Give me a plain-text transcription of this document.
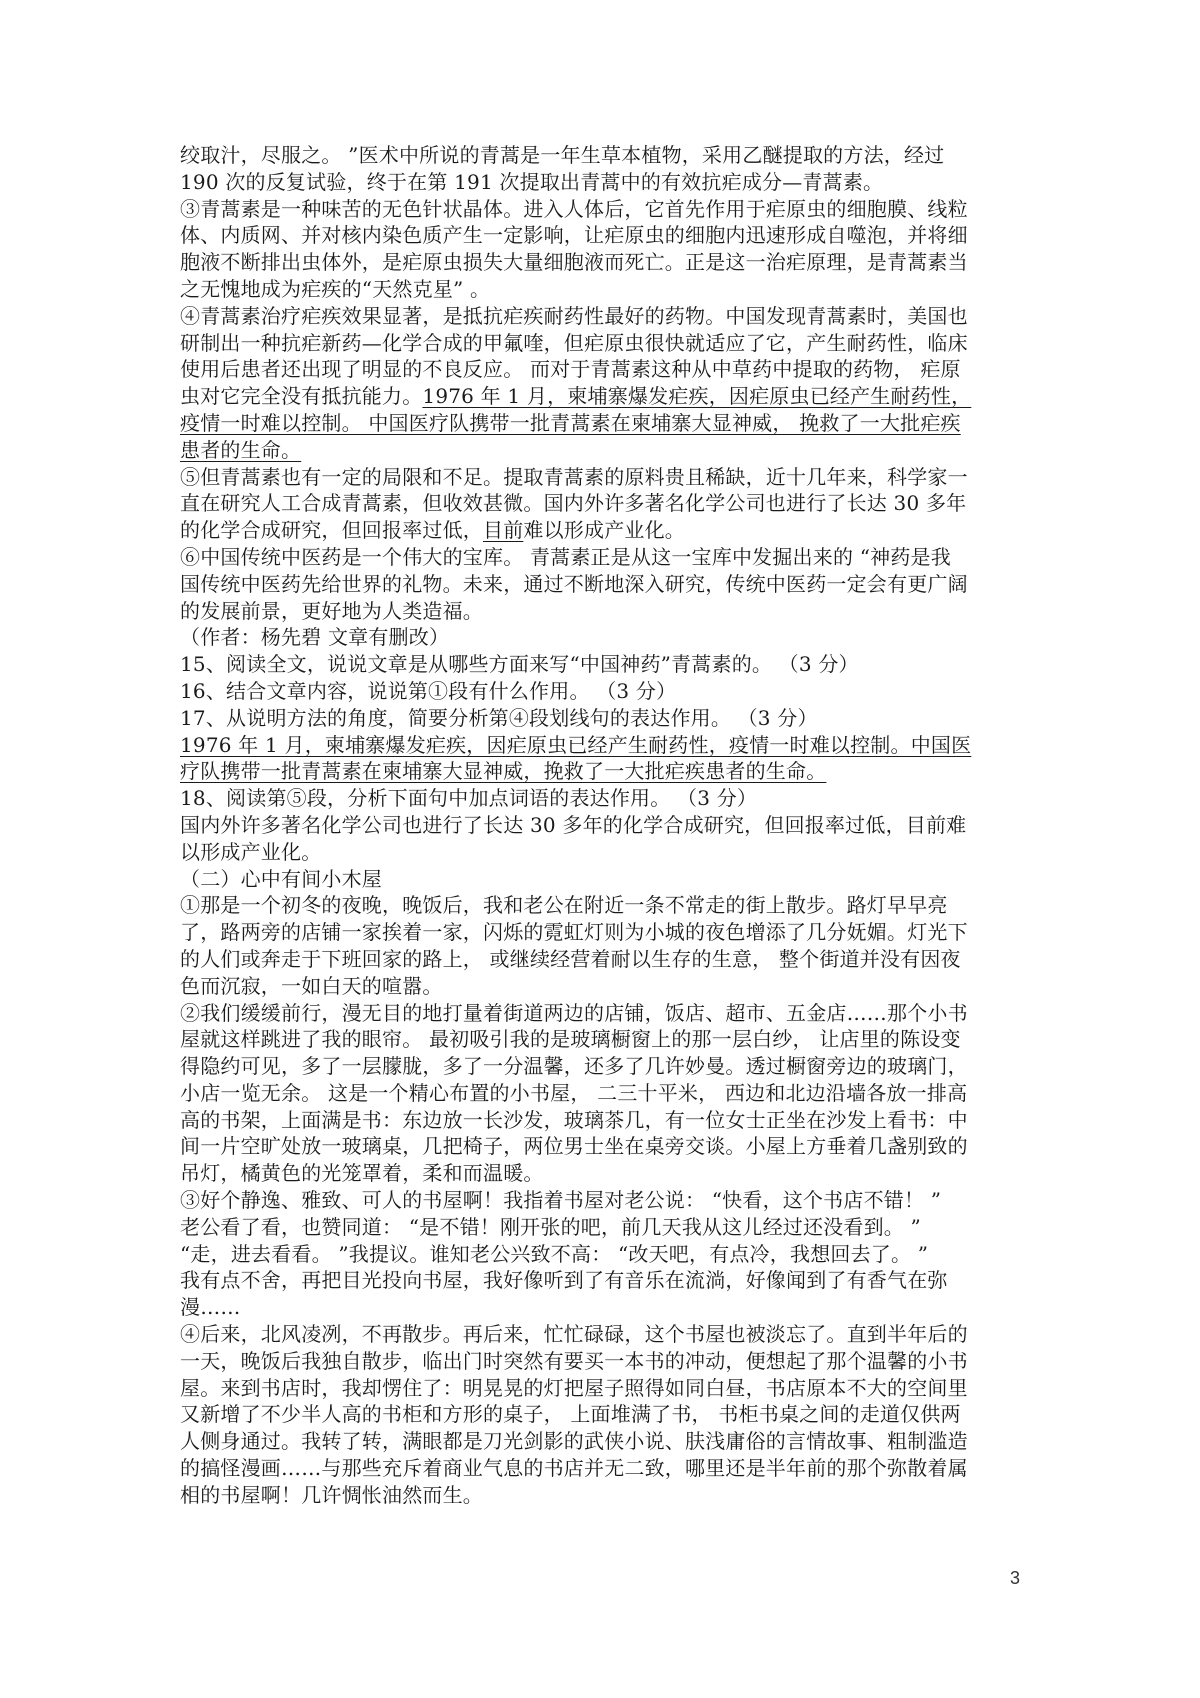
绞取汁，尽服之。 ”医术中所说的青蒿是一年生草本植物，采用乙醚提取的方法，经过
190 次的反复试验，终于在第 191 次提取出青蒿中的有效抗疟成分—青蒿素。
③青蒿素是一种味苦的无色针状晶体。进入人体后，它首先作用于疟原虫的细胞膜、线粒
体、内质网、并对核内染色质产生一定影响，让疟原虫的细胞内迅速形成自噬泡，并将细
胞液不断排出虫体外，是疟原虫损失大量细胞液而死亡。正是这一治疟原理，是青蒿素当
之无愧地成为疟疾的“天然克星” 。
④青蒿素治疗疟疾效果显著，是抵抗疟疾耐药性最好的药物。中国发现青蒿素时，美国也
研制出一种抗疟新药—化学合成的甲氟喹，但疟原虫很快就适应了它，产生耐药性，临床
使用后患者还出现了明显的不良反应。 而对于青蒿素这种从中草药中提取的药物， 疟原
虫对它完全没有抵抗能力。1976 年 1 月，柬埔寨爆发疟疾，因疟原虫已经产生耐药性，
疫情一时难以控制。 中国医疗队携带一批青蒿素在柬埔寨大显神威， 挽救了一大批疟疾
患者的生命。
⑤但青蒿素也有一定的局限和不足。提取青蒿素的原料贵且稀缺，近十几年来，科学家一
直在研究人工合成青蒿素，但收效甚微。国内外许多著名化学公司也进行了长达 30 多年
的化学合成研究，但回报率过低，目前难以形成产业化。
⑥中国传统中医药是一个伟大的宝库。 青蒿素正是从这一宝库中发掘出来的 “神药是我
国传统中医药先给世界的礼物。未来，通过不断地深入研究，传统中医药一定会有更广阔
的发展前景，更好地为人类造福。
（作者：杨先碧 文章有删改）
15、阅读全文，说说文章是从哪些方面来写“中国神药”青蒿素的。 （3 分）
16、结合文章内容，说说第①段有什么作用。 （3 分）
17、从说明方法的角度，简要分析第④段划线句的表达作用。 （3 分）
1976 年 1 月，柬埔寨爆发疟疾，因疟原虫已经产生耐药性，疫情一时难以控制。中国医
疗队携带一批青蒿素在柬埔寨大显神威，挽救了一大批疟疾患者的生命。
18、阅读第⑤段，分析下面句中加点词语的表达作用。 （3 分）
国内外许多著名化学公司也进行了长达 30 多年的化学合成研究，但回报率过低，目前难
以形成产业化。
（二）心中有间小木屋
①那是一个初冬的夜晚，晚饭后，我和老公在附近一条不常走的街上散步。路灯早早亮
了，路两旁的店铺一家挨着一家，闪烁的霓虹灯则为小城的夜色增添了几分妩媚。灯光下
的人们或奔走于下班回家的路上， 或继续经营着耐以生存的生意， 整个街道并没有因夜
色而沉寂，一如白天的喧嚣。
②我们缓缓前行，漫无目的地打量着街道两边的店铺，饭店、超市、五金店……那个小书
屋就这样跳进了我的眼帘。 最初吸引我的是玻璃橱窗上的那一层白纱， 让店里的陈设变
得隐约可见，多了一层朦胧，多了一分温馨，还多了几许妙曼。透过橱窗旁边的玻璃门，
小店一览无余。 这是一个精心布置的小书屋， 二三十平米， 西边和北边沿墙各放一排高
高的书架，上面满是书：东边放一长沙发，玻璃茶几，有一位女士正坐在沙发上看书：中
间一片空旷处放一玻璃桌，几把椅子，两位男士坐在桌旁交谈。小屋上方垂着几盏别致的
吊灯，橘黄色的光笼罩着，柔和而温暖。
③好个静逸、雅致、可人的书屋啊！我指着书屋对老公说： “快看，这个书店不错！ ”
老公看了看，也赞同道： “是不错！刚开张的吧，前几天我从这儿经过还没看到。 ”
“走，进去看看。 ”我提议。谁知老公兴致不高： “改天吧，有点冷，我想回去了。 ”
我有点不舍，再把目光投向书屋，我好像听到了有音乐在流淌，好像闻到了有香气在弥
漫……
④后来，北风凌冽，不再散步。再后来，忙忙碌碌，这个书屋也被淡忘了。直到半年后的
一天，晚饭后我独自散步，临出门时突然有要买一本书的冲动，便想起了那个温馨的小书
屋。来到书店时，我却愣住了：明晃晃的灯把屋子照得如同白昼，书店原本不大的空间里
又新增了不少半人高的书柜和方形的桌子， 上面堆满了书， 书柜书桌之间的走道仅供两
人侧身通过。我转了转，满眼都是刀光剑影的武侠小说、肤浅庸俗的言情故事、粗制滥造
的搞怪漫画……与那些充斥着商业气息的书店并无二致，哪里还是半年前的那个弥散着属
相的书屋啊！几许惆怅油然而生。
3
